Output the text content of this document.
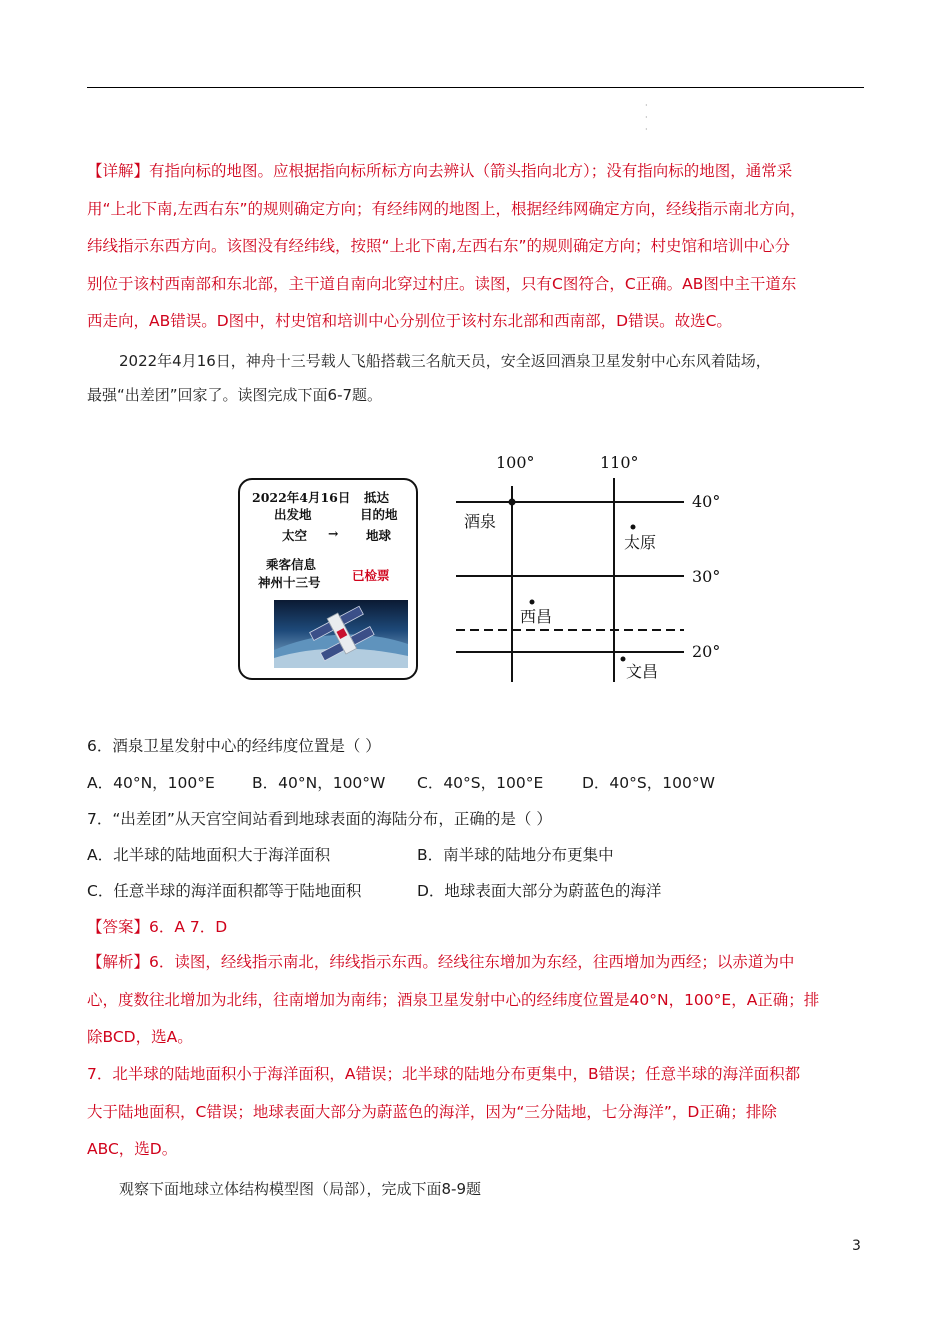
·
·
·
【详解】有指向标的地图。应根据指向标所标方向去辨认（箭头指向北方）；没有指向标的地图，通常采
用“上北下南,左西右东”的规则确定方向；有经纬网的地图上，根据经纬网确定方向，经线指示南北方向，
纬线指示东西方向。该图没有经纬线，按照“上北下南,左西右东”的规则确定方向；村史馆和培训中心分
别位于该村西南部和东北部，主干道自南向北穿过村庄。读图，只有C图符合，C正确。AB图中主干道东
西走向，AB错误。D图中，村史馆和培训中心分别位于该村东北部和西南部，D错误。故选C。
2022年4月16日，神舟十三号载人飞船搭载三名航天员，安全返回酒泉卫星发射中心东风着陆场，
最强“出差团”回家了。读图完成下面6-7题。
2022年4月16日 抵达
出发地	目的地
太空 → 地球
乘客信息
神州十三号	已检票
100°	110°
40°
30°
20°
酒泉
太原
西昌
文昌
6．酒泉卫星发射中心的经纬度位置是（ ）
A．40°N，100°E B．40°N，100°W C．40°S，100°E D．40°S，100°W
7．“出差团”从天宫空间站看到地球表面的海陆分布，正确的是（ ）
A．北半球的陆地面积大于海洋面积	B．南半球的陆地分布更集中
C．任意半球的海洋面积都等于陆地面积	D．地球表面大部分为蔚蓝色的海洋
【答案】6．A 7．D
【解析】6．读图，经线指示南北，纬线指示东西。经线往东增加为东经，往西增加为西经；以赤道为中
心，度数往北增加为北纬，往南增加为南纬；酒泉卫星发射中心的经纬度位置是40°N，100°E，A正确；排
除BCD，选A。
7．北半球的陆地面积小于海洋面积，A错误；北半球的陆地分布更集中，B错误；任意半球的海洋面积都
大于陆地面积，C错误；地球表面大部分为蔚蓝色的海洋，因为“三分陆地，七分海洋”，D正确；排除
ABC，选D。
观察下面地球立体结构模型图（局部），完成下面8-9题
3
